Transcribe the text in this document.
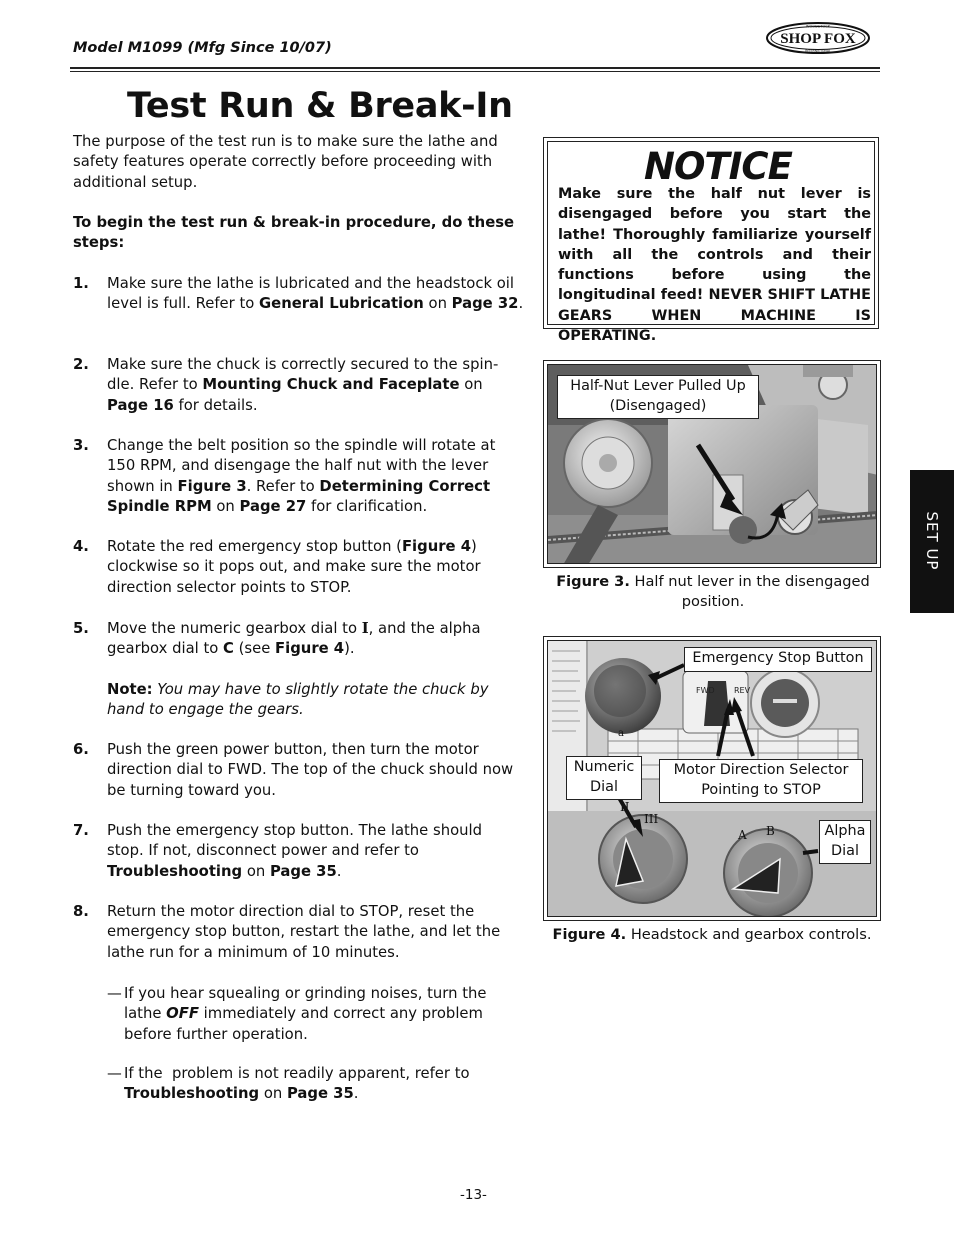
Model M1099 (Mfg Since 10/07)
SHOP FOX
WOODSTOCK
INTERNATIONAL
Test Run & Break-In
The purpose of the test run is to make sure the lathe and safety features operate correctly before proceeding with additional setup.
To begin the test run & break-in procedure, do these steps:
1. Make sure the lathe is lubricated and the headstock oil level is full. Refer to General Lubrication on Page 32.
2. Make sure the chuck is correctly secured to the spin-dle. Refer to Mounting Chuck and Faceplate on Page 16 for details.
3. Change the belt position so the spindle will rotate at 150 RPM, and disengage the half nut with the lever shown in Figure 3. Refer to Determining Correct Spindle RPM on Page 27 for clarification.
4. Rotate the red emergency stop button (Figure 4) clockwise so it pops out, and make sure the motor direction selector points to STOP.
5. Move the numeric gearbox dial to I, and the alpha gearbox dial to C (see Figure 4).
Note: You may have to slightly rotate the chuck by hand to engage the gears.
6. Push the green power button, then turn the motor direction dial to FWD. The top of the chuck should now be turning toward you.
7. Push the emergency stop button. The lathe should stop. If not, disconnect power and refer to Troubleshooting on Page 35.
8. Return the motor direction dial to STOP, reset the emergency stop button, restart the lathe, and let the lathe run for a minimum of 10 minutes.
— If you hear squealing or grinding noises, turn the lathe OFF immediately and correct any problem before further operation.
— If the  problem is not readily apparent, refer to Troubleshooting on Page 35.
NOTICE
Make sure the half nut lever is disengaged before you start the lathe! Thoroughly familiarize yourself with all the controls and their functions before using the longitudinal feed! NEVER SHIFT LATHE GEARS WHEN MACHINE IS OPERATING.
Half-Nut Lever Pulled Up (Disengaged)
Figure 3. Half nut lever in the disengaged position.
FWD REV
A B
II
III
a
Emergency Stop Button
Numeric Dial
Motor Direction Selector Pointing to STOP
Alpha Dial
Figure 4. Headstock and gearbox controls.
SET UP
-13-
